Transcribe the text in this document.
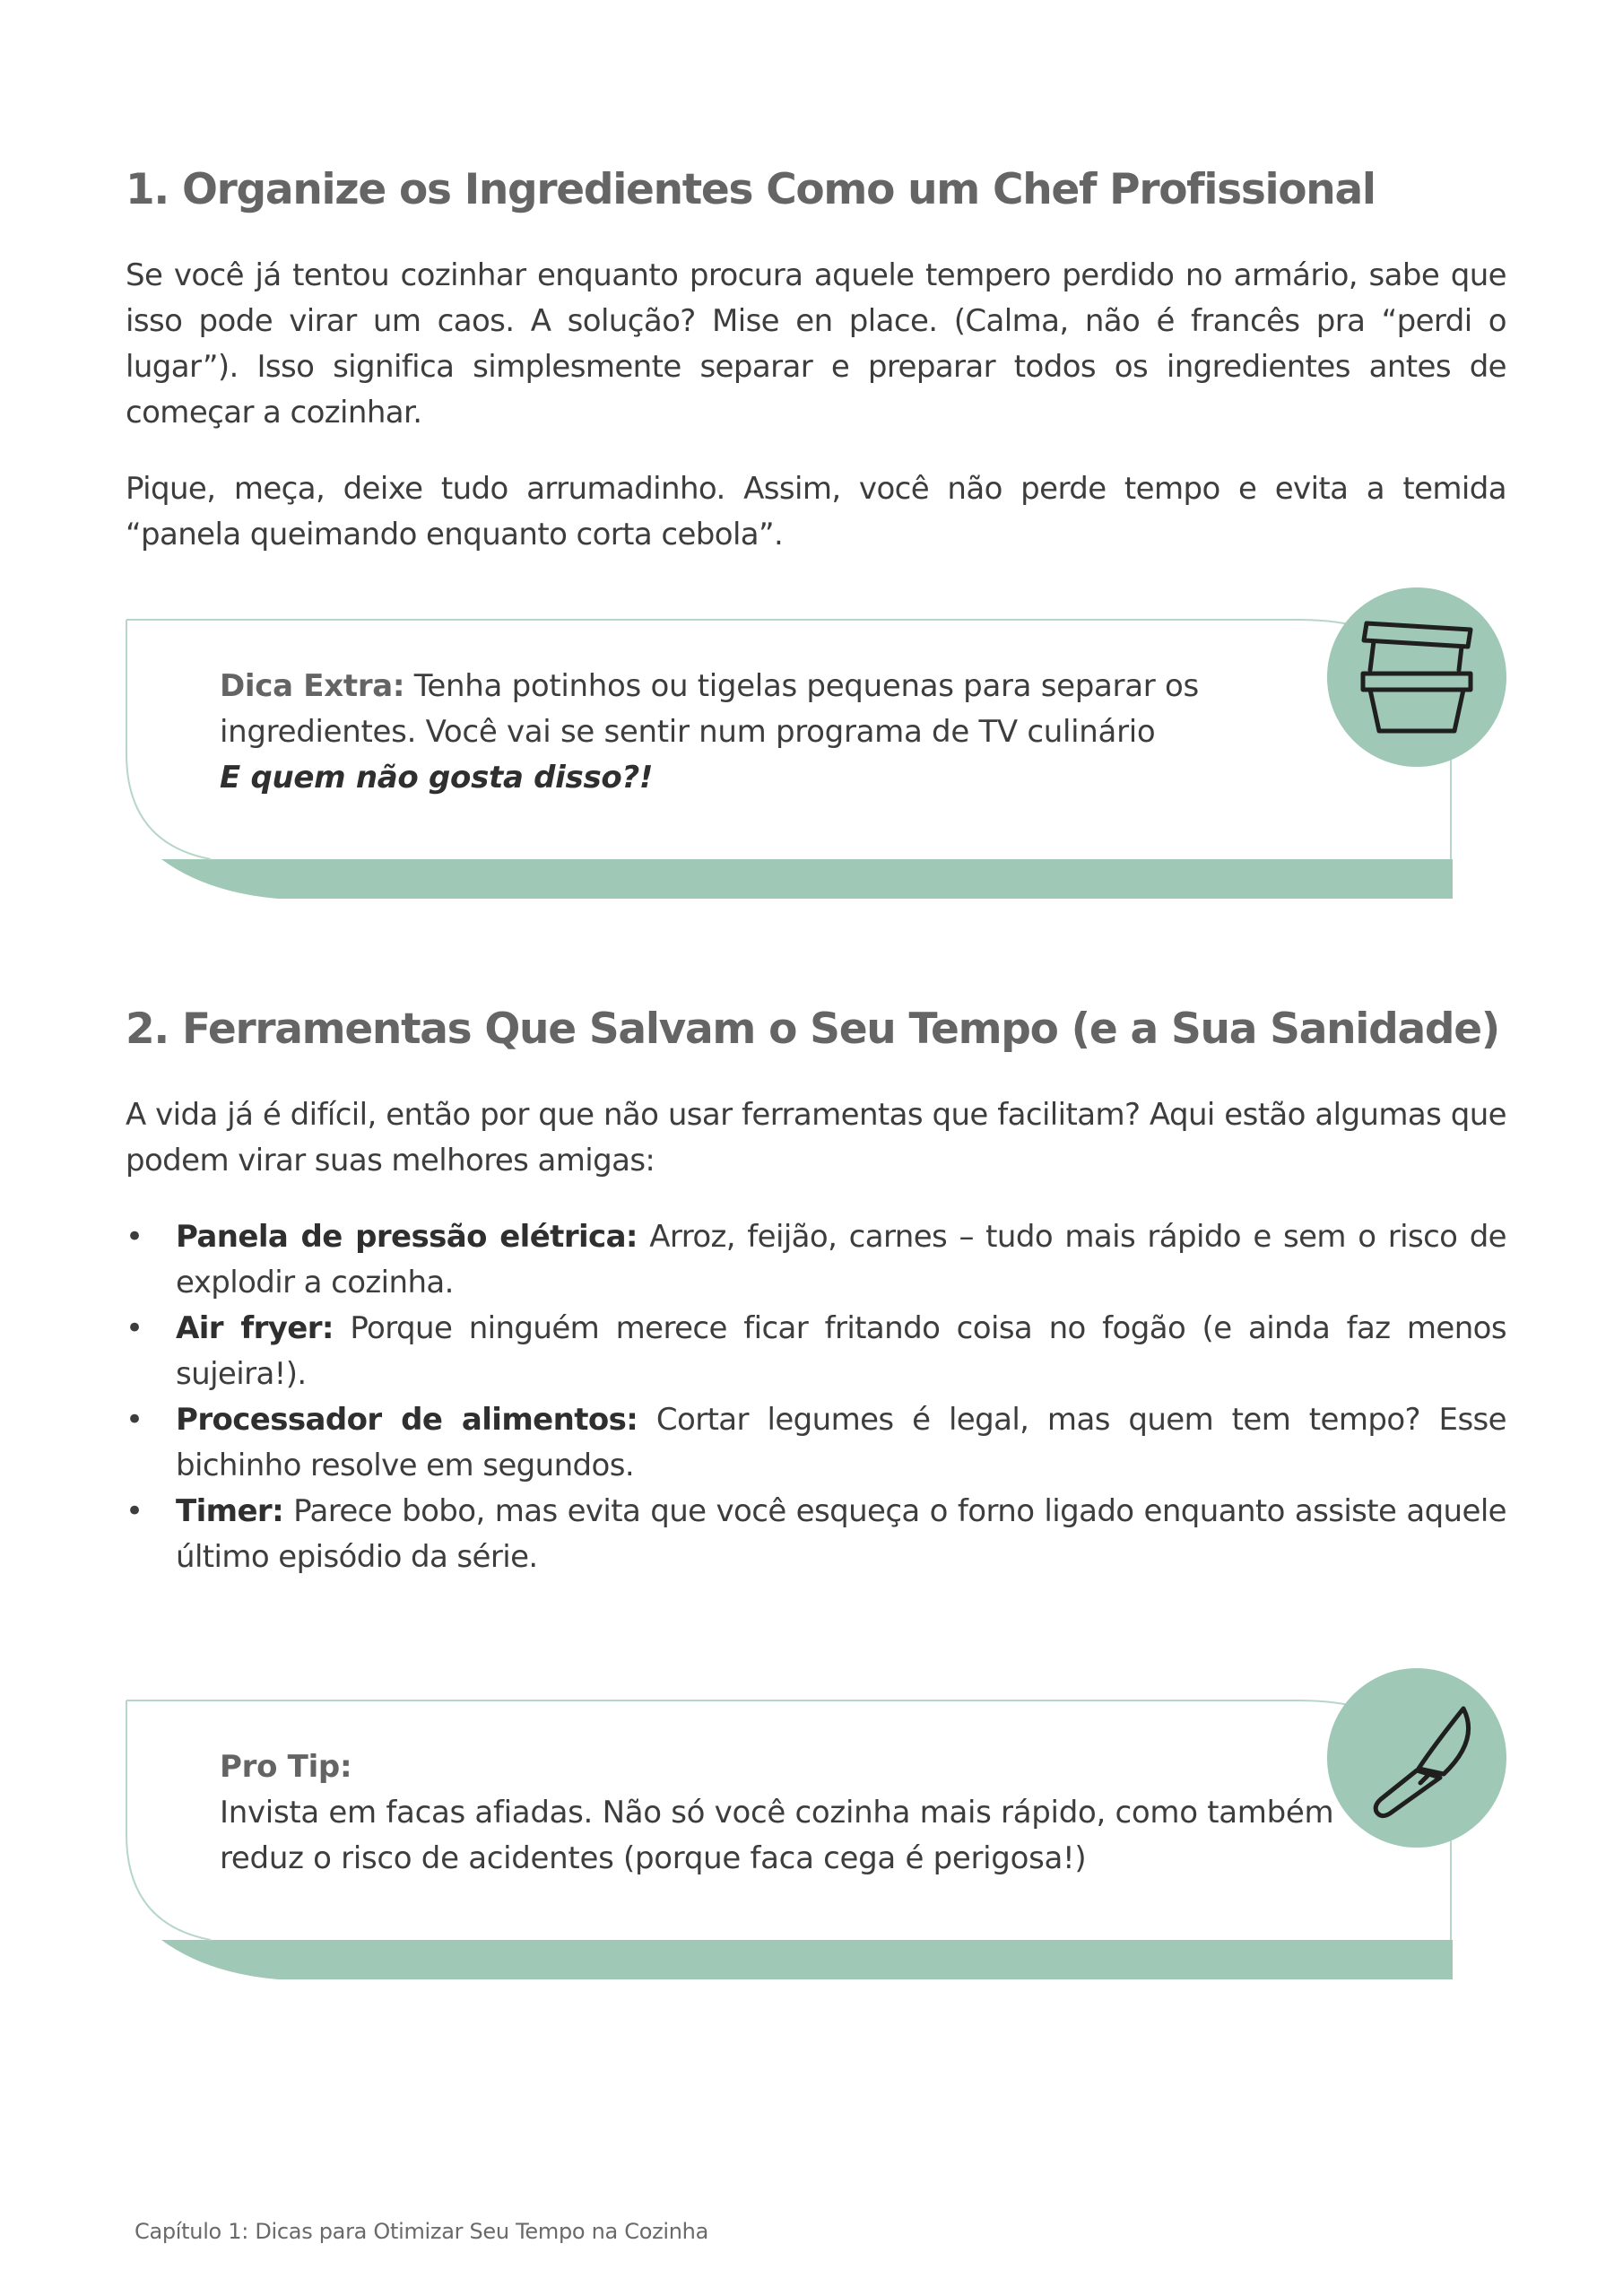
1. Organize os Ingredientes Como um Chef Profissional

Se você já tentou cozinhar enquanto procura aquele tempero perdido no armário, sabe que isso pode virar um caos. A solução? Mise en place. (Calma, não é francês pra “perdi o lugar”). Isso significa simplesmente separar e preparar todos os ingredientes antes de começar a cozinhar.

Pique, meça, deixe tudo arrumadinho. Assim, você não perde tempo e evita a temida “panela queimando enquanto corta cebola”.

Dica Extra: Tenha potinhos ou tigelas pequenas para separar os ingredientes. Você vai se sentir num programa de TV culinário
E quem não gosta disso?!
2. Ferramentas Que Salvam o Seu Tempo (e a Sua Sanidade)

A vida já é difícil, então por que não usar ferramentas que facilitam? Aqui estão algumas que podem virar suas melhores amigas:

• Panela de pressão elétrica: Arroz, feijão, carnes – tudo mais rápido e sem o risco de explodir a cozinha.
• Air fryer: Porque ninguém merece ficar fritando coisa no fogão (e ainda faz menos sujeira!).
• Processador de alimentos: Cortar legumes é legal, mas quem tem tempo? Esse bichinho resolve em segundos.
• Timer: Parece bobo, mas evita que você esqueça o forno ligado enquanto assiste aquele último episódio da série.
Pro Tip:
Invista em facas afiadas. Não só você cozinha mais rápido, como também reduz o risco de acidentes (porque faca cega é perigosa!)
Capítulo 1: Dicas para Otimizar Seu Tempo na Cozinha
